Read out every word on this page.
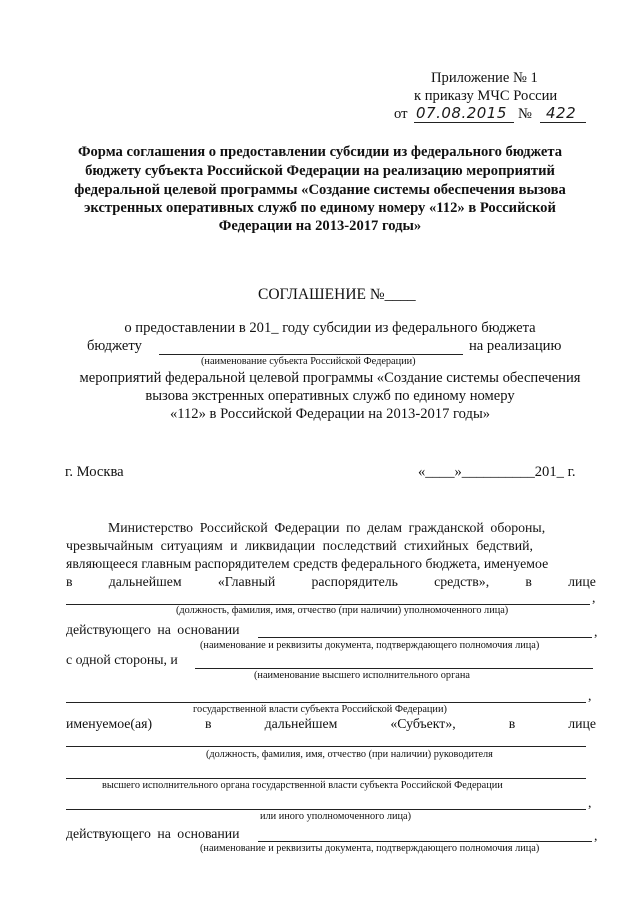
Приложение № 1
к приказу МЧС России
от 07.08.2015 № 422
Форма соглашения о предоставлении субсидии из федерального бюджета
бюджету субъекта Российской Федерации на реализацию мероприятий
федеральной целевой программы «Создание системы обеспечения вызова
экстренных оперативных служб по единому номеру «112» в Российской
Федерации на 2013-2017 годы»
СОГЛАШЕНИЕ №____
о предоставлении в 201_ году субсидии из федерального бюджета
бюджету	на реализацию
(наименование субъекта Российской Федерации)
мероприятий федеральной целевой программы «Создание системы обеспечения
вызова экстренных оперативных служб по единому номеру
«112» в Российской Федерации на 2013-2017 годы»
г. Москва	«____»__________201_ г.
Министерство Российской Федерации по делам гражданской обороны,
чрезвычайным ситуациям и ликвидации последствий стихийных бедствий,
являющееся главным распорядителем средств федерального бюджета, именуемое
в	дальнейшем	«Главный	распорядитель	средств»,	в	лице
,
(должность, фамилия, имя, отчество (при наличии) уполномоченного лица)
действующего на основании	,
(наименование и реквизиты документа, подтверждающего полномочия лица)
с одной стороны, и
(наименование высшего исполнительного органа
,
государственной власти субъекта Российской Федерации)
именуемое(ая)	в	дальнейшем	«Субъект»,	в	лице
(должность, фамилия, имя, отчество (при наличии) руководителя
высшего исполнительного органа государственной власти субъекта Российской Федерации
,
или иного уполномоченного лица)
действующего на основании	,
(наименование и реквизиты документа, подтверждающего полномочия лица)
